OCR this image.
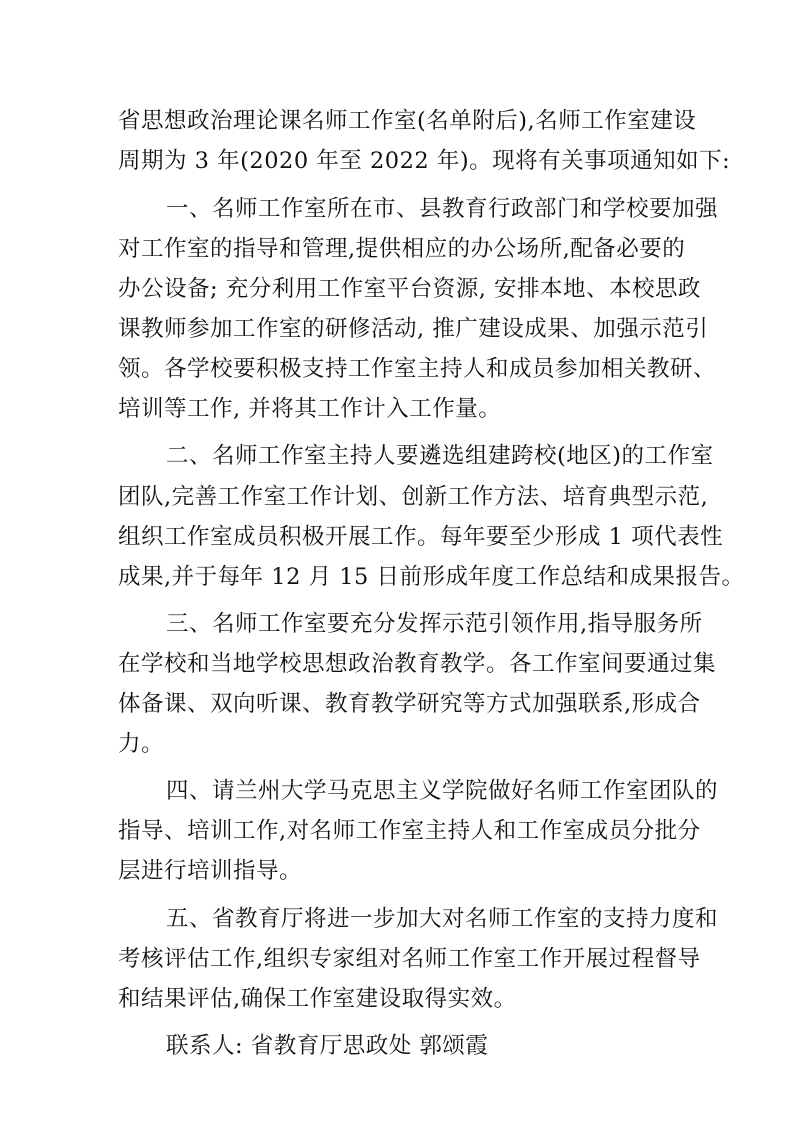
省思想政治理论课名师工作室(名单附后),名师工作室建设
周期为 3 年(2020 年至 2022 年)。现将有关事项通知如下:
一、名师工作室所在市、县教育行政部门和学校要加强
对工作室的指导和管理,提供相应的办公场所,配备必要的
办公设备; 充分利用工作室平台资源, 安排本地、本校思政
课教师参加工作室的研修活动, 推广建设成果、加强示范引
领。各学校要积极支持工作室主持人和成员参加相关教研、
培训等工作, 并将其工作计入工作量。
二、名师工作室主持人要遴选组建跨校(地区)的工作室
团队,完善工作室工作计划、创新工作方法、培育典型示范,
组织工作室成员积极开展工作。每年要至少形成 1 项代表性
成果,并于每年 12 月 15 日前形成年度工作总结和成果报告。
三、名师工作室要充分发挥示范引领作用,指导服务所
在学校和当地学校思想政治教育教学。各工作室间要通过集
体备课、双向听课、教育教学研究等方式加强联系,形成合
力。
四、请兰州大学马克思主义学院做好名师工作室团队的
指导、培训工作,对名师工作室主持人和工作室成员分批分
层进行培训指导。
五、省教育厅将进一步加大对名师工作室的支持力度和
考核评估工作,组织专家组对名师工作室工作开展过程督导
和结果评估,确保工作室建设取得实效。
联系人: 省教育厅思政处 郭颂霞
